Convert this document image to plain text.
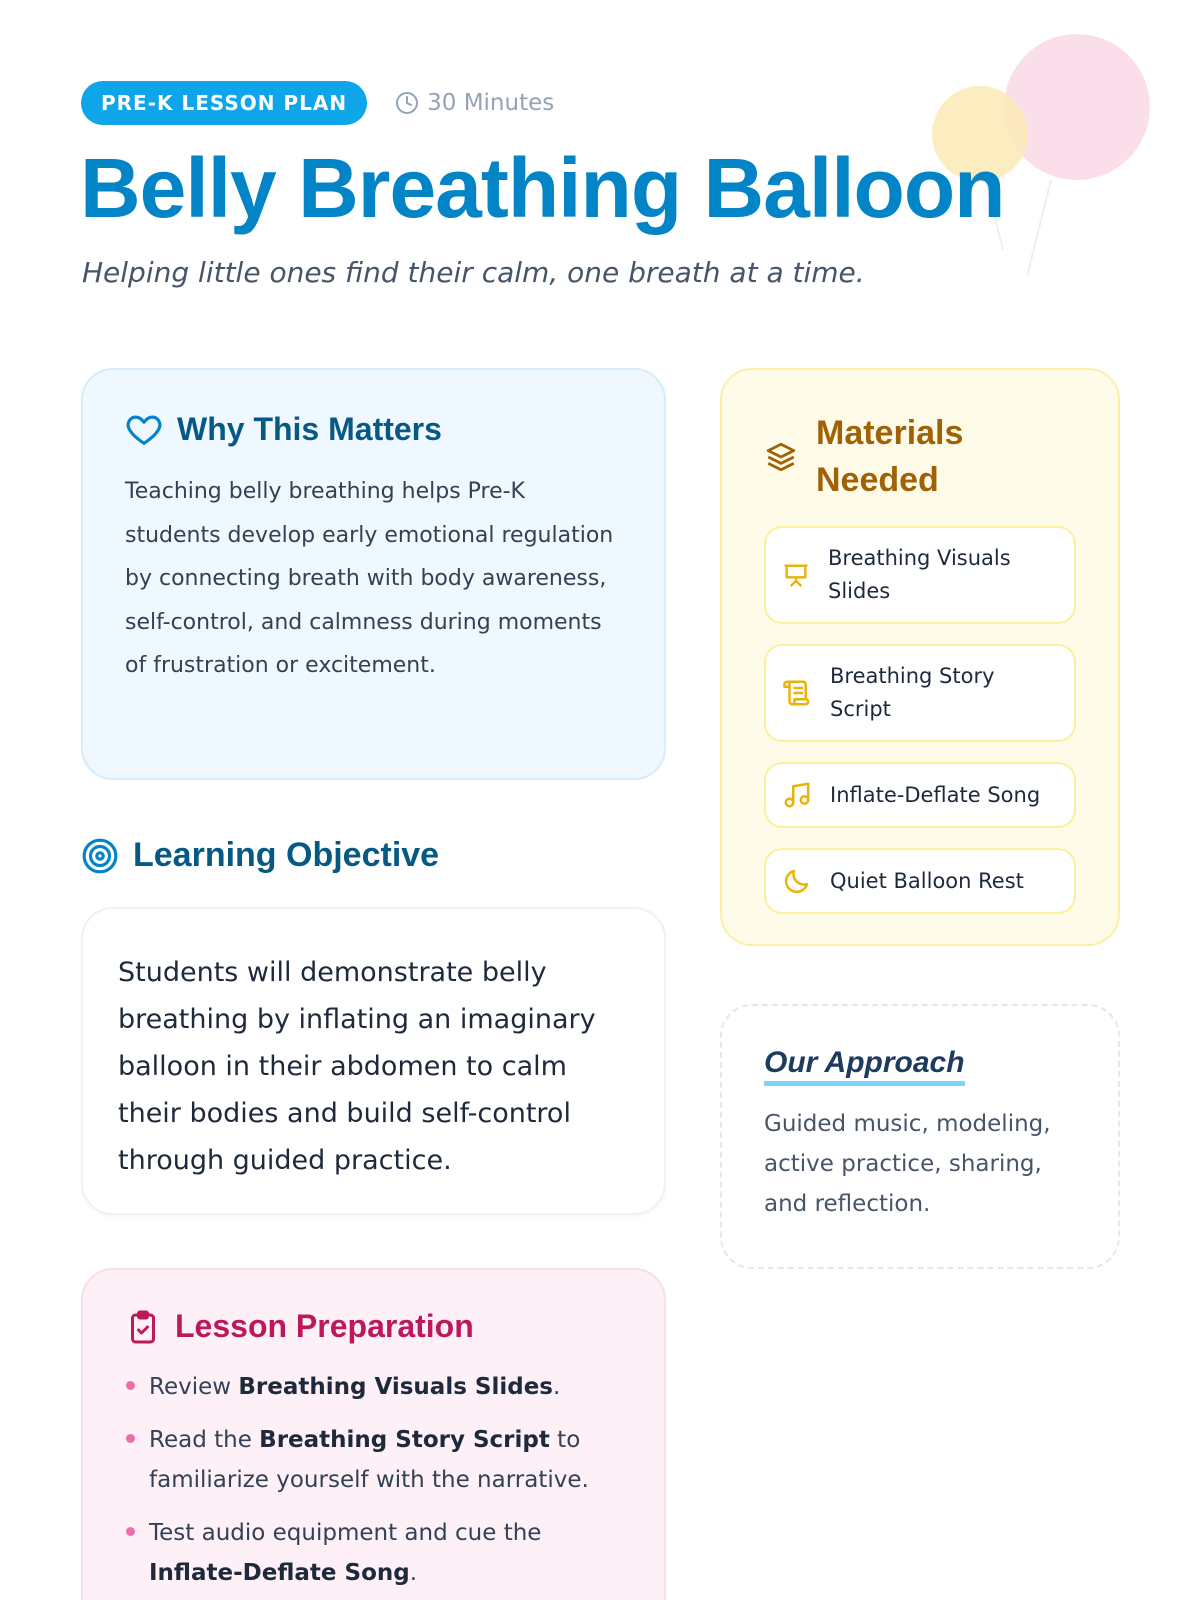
PRE-K LESSON PLAN	30 Minutes
Belly Breathing Balloon

Helping little ones find their calm, one breath at a time.

Why This Matters

Teaching belly breathing helps Pre-K students develop early emotional regulation by connecting breath with body awareness, self-control, and calmness during moments of frustration or excitement.

Learning Objective

Students will demonstrate belly breathing by inflating an imaginary balloon in their abdomen to calm their bodies and build self-control through guided practice.

Lesson Preparation
Review Breathing Visuals Slides.
Read the Breathing Story Script to familiarize yourself with the narrative.
Test audio equipment and cue the Inflate-Deflate Song.
Materials Needed
Breathing Visuals Slides
Breathing Story Script
Inflate-Deflate Song
Quiet Balloon Rest
Our Approach

Guided music, modeling, active practice, sharing, and reflection.
